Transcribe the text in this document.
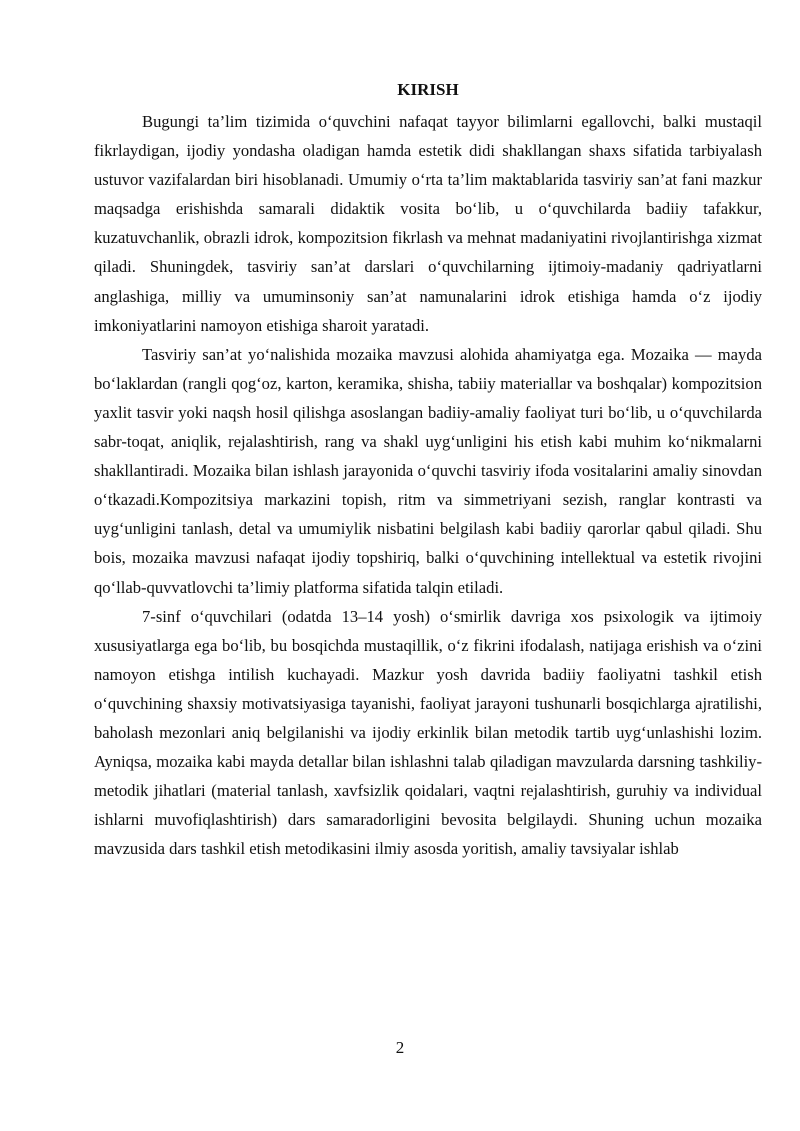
KIRISH

Bugungi ta’lim tizimida o‘quvchini nafaqat tayyor bilimlarni egallovchi, balki mustaqil fikrlaydigan, ijodiy yondasha oladigan hamda estetik didi shakllangan shaxs sifatida tarbiyalash ustuvor vazifalardan biri hisoblanadi. Umumiy o‘rta ta’lim maktablarida tasviriy san’at fani mazkur maqsadga erishishda samarali didaktik vosita bo‘lib, u o‘quvchilarda badiiy tafakkur, kuzatuvchanlik, obrazli idrok, kompozitsion fikrlash va mehnat madaniyatini rivojlantirishga xizmat qiladi. Shuningdek, tasviriy san’at darslari o‘quvchilarning ijtimoiy-madaniy qadriyatlarni anglashiga, milliy va umuminsoniy san’at namunalarini idrok etishiga hamda o‘z ijodiy imkoniyatlarini namoyon etishiga sharoit yaratadi.

Tasviriy san’at yo‘nalishida mozaika mavzusi alohida ahamiyatga ega. Mozaika — mayda bo‘laklardan (rangli qog‘oz, karton, keramika, shisha, tabiiy materiallar va boshqalar) kompozitsion yaxlit tasvir yoki naqsh hosil qilishga asoslangan badiiy-amaliy faoliyat turi bo‘lib, u o‘quvchilarda sabr-toqat, aniqlik, rejalashtirish, rang va shakl uyg‘unligini his etish kabi muhim ko‘nikmalarni shakllantiradi. Mozaika bilan ishlash jarayonida o‘quvchi tasviriy ifoda vositalarini amaliy sinovdan o‘tkazadi.Kompozitsiya markazini topish, ritm va simmetriyani sezish, ranglar kontrasti va uyg‘unligini tanlash, detal va umumiylik nisbatini belgilash kabi badiiy qarorlar qabul qiladi. Shu bois, mozaika mavzusi nafaqat ijodiy topshiriq, balki o‘quvchining intellektual va estetik rivojini qo‘llab-quvvatlovchi ta’limiy platforma sifatida talqin etiladi.

7-sinf o‘quvchilari (odatda 13–14 yosh) o‘smirlik davriga xos psixologik va ijtimoiy xususiyatlarga ega bo‘lib, bu bosqichda mustaqillik, o‘z fikrini ifodalash, natijaga erishish va o‘zini namoyon etishga intilish kuchayadi. Mazkur yosh davrida badiiy faoliyatni tashkil etish o‘quvchining shaxsiy motivatsiyasiga tayanishi, faoliyat jarayoni tushunarli bosqichlarga ajratilishi, baholash mezonlari aniq belgilanishi va ijodiy erkinlik bilan metodik tartib uyg‘unlashishi lozim. Ayniqsa, mozaika kabi mayda detallar bilan ishlashni talab qiladigan mavzularda darsning tashkiliy-metodik jihatlari (material tanlash, xavfsizlik qoidalari, vaqtni rejalashtirish, guruhiy va individual ishlarni muvofiqlashtirish) dars samaradorligini bevosita belgilaydi. Shuning uchun mozaika mavzusida dars tashkil etish metodikasini ilmiy asosda yoritish, amaliy tavsiyalar ishlab

2
